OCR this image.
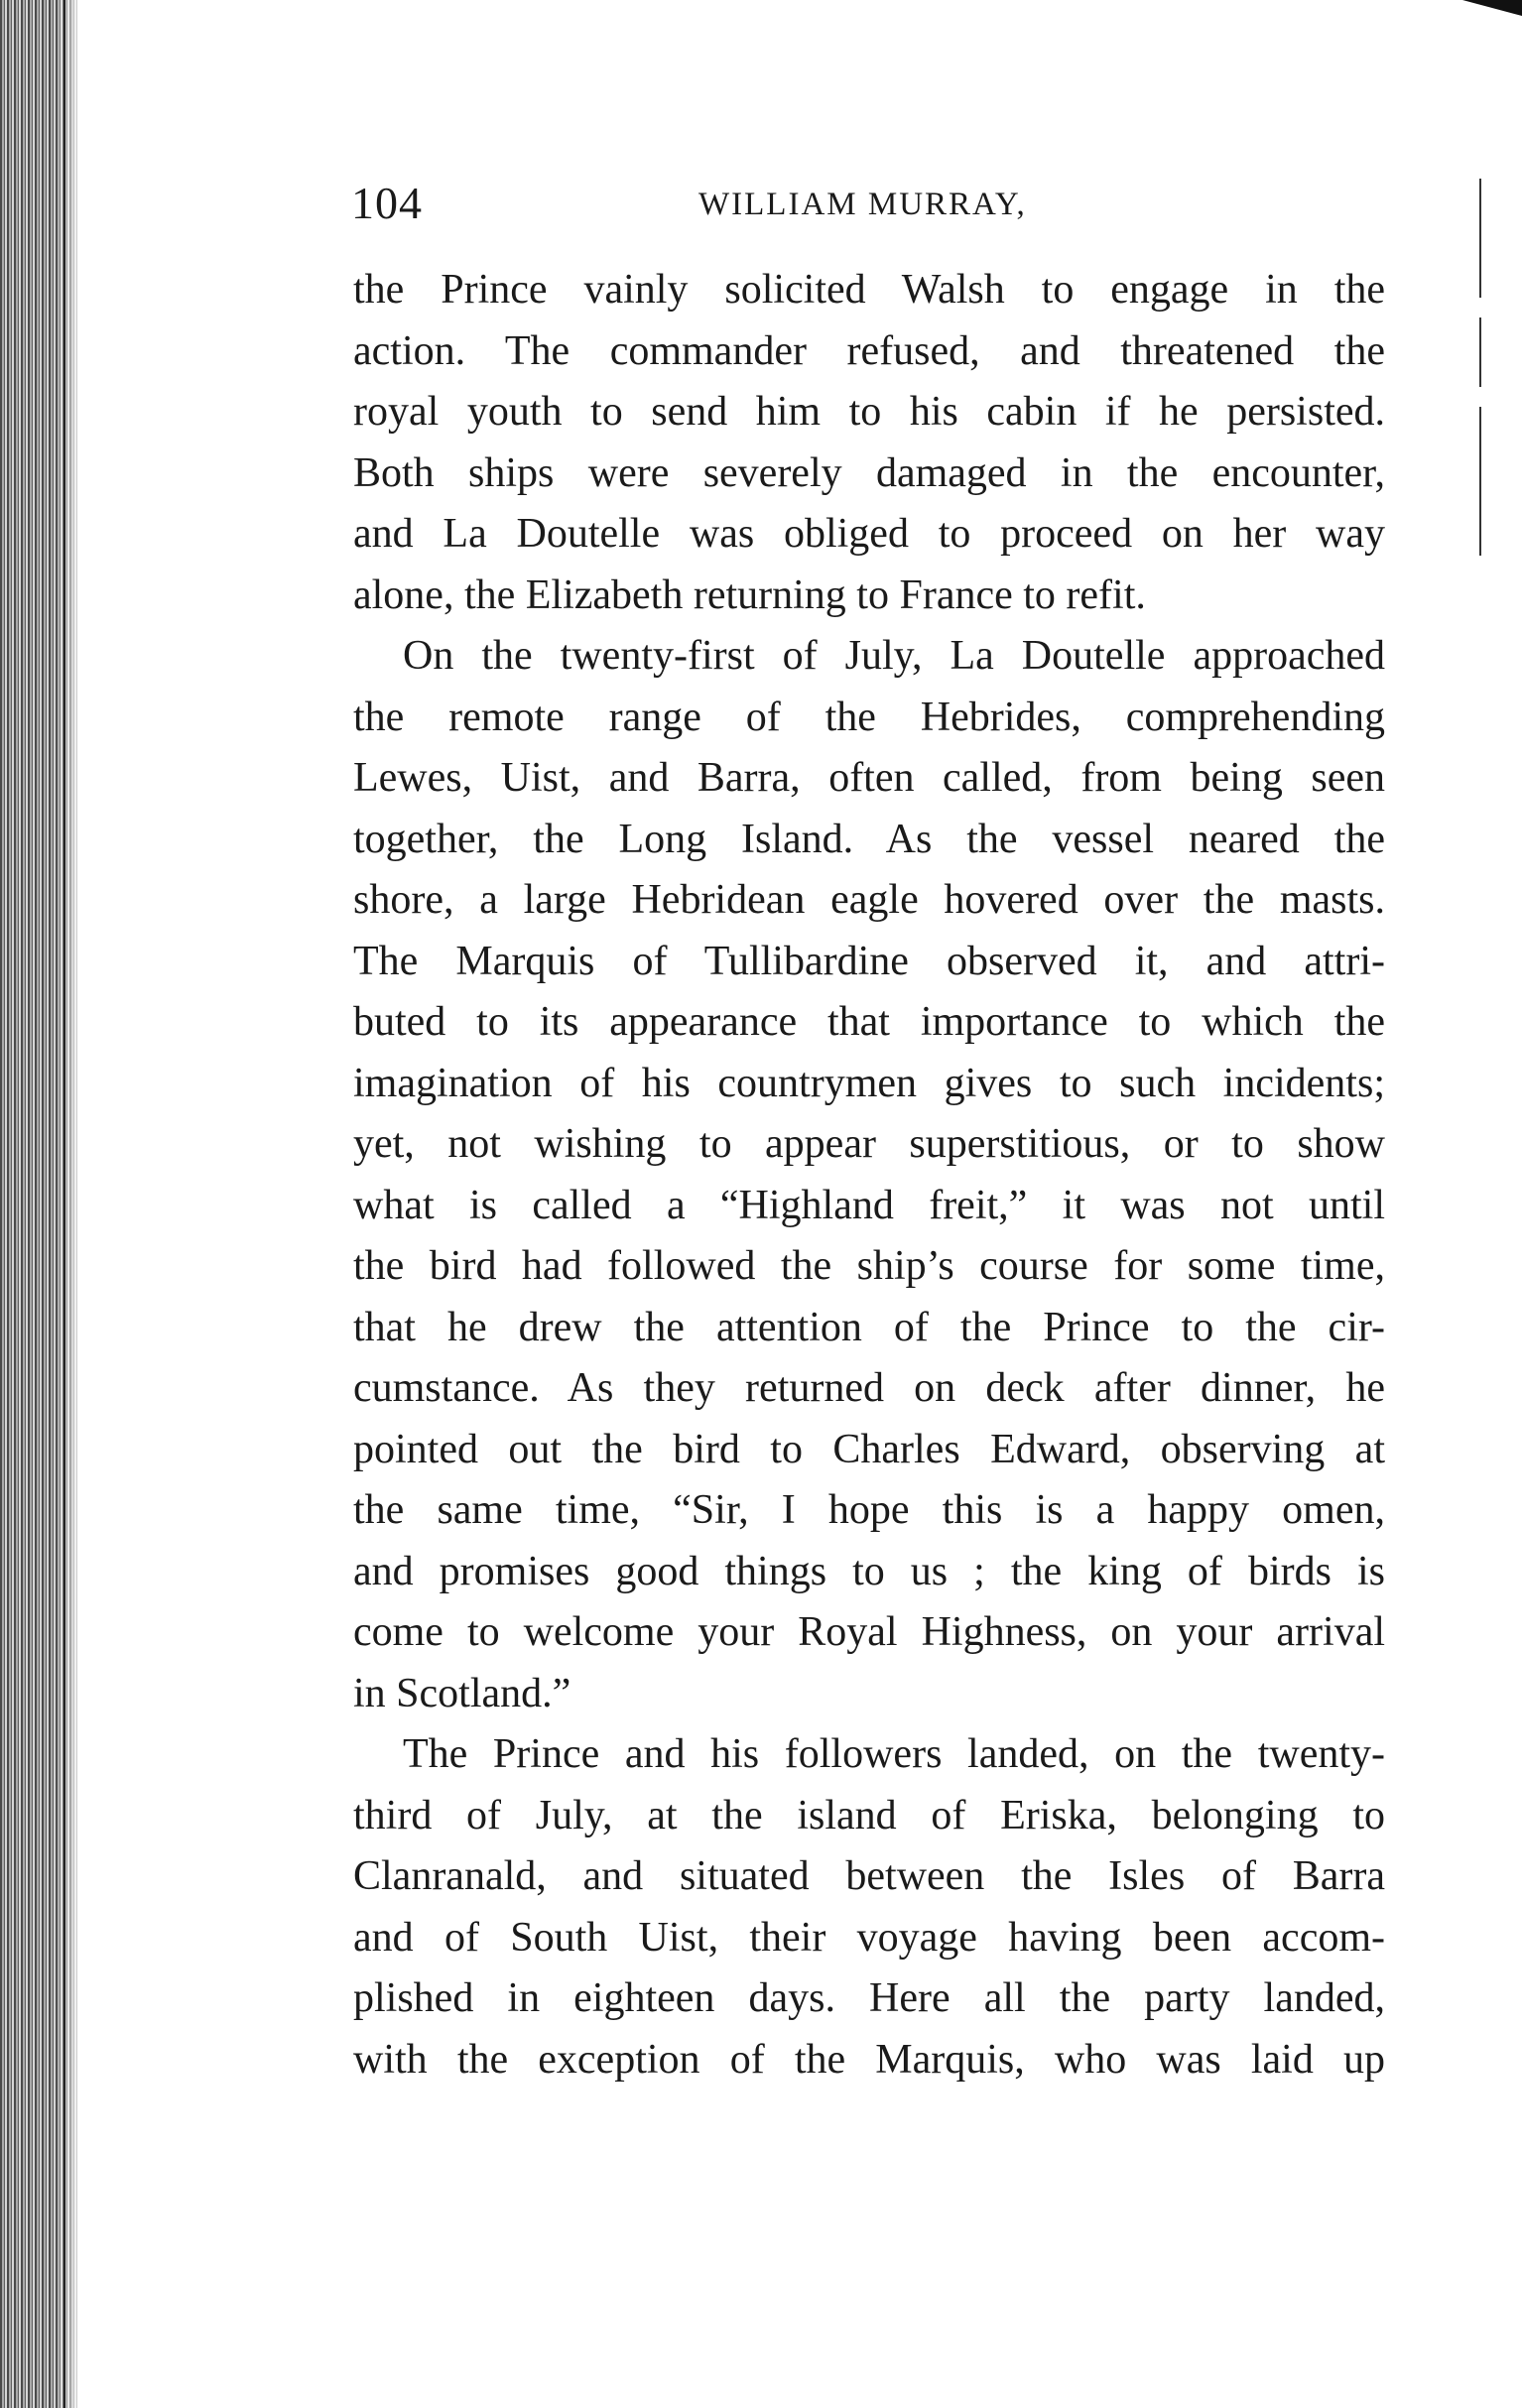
104	WILLIAM MURRAY,
the Prince vainly solicited Walsh to engage in the
action. The commander refused, and threatened the
royal youth to send him to his cabin if he persisted.
Both ships were severely damaged in the encounter,
and La Doutelle was obliged to proceed on her way
alone, the Elizabeth returning to France to refit.
On the twenty-first of July, La Doutelle approached
the remote range of the Hebrides, comprehending
Lewes, Uist, and Barra, often called, from being seen
together, the Long Island. As the vessel neared the
shore, a large Hebridean eagle hovered over the masts.
The Marquis of Tullibardine observed it, and attri-
buted to its appearance that importance to which the
imagination of his countrymen gives to such incidents;
yet, not wishing to appear superstitious, or to show
what is called a “Highland freit,” it was not until
the bird had followed the ship’s course for some time,
that he drew the attention of the Prince to the cir-
cumstance. As they returned on deck after dinner, he
pointed out the bird to Charles Edward, observing at
the same time, “Sir, I hope this is a happy omen,
and promises good things to us ; the king of birds is
come to welcome your Royal Highness, on your arrival
in Scotland.”
The Prince and his followers landed, on the twenty-
third of July, at the island of Eriska, belonging to
Clanranald, and situated between the Isles of Barra
and of South Uist, their voyage having been accom-
plished in eighteen days. Here all the party landed,
with the exception of the Marquis, who was laid up
